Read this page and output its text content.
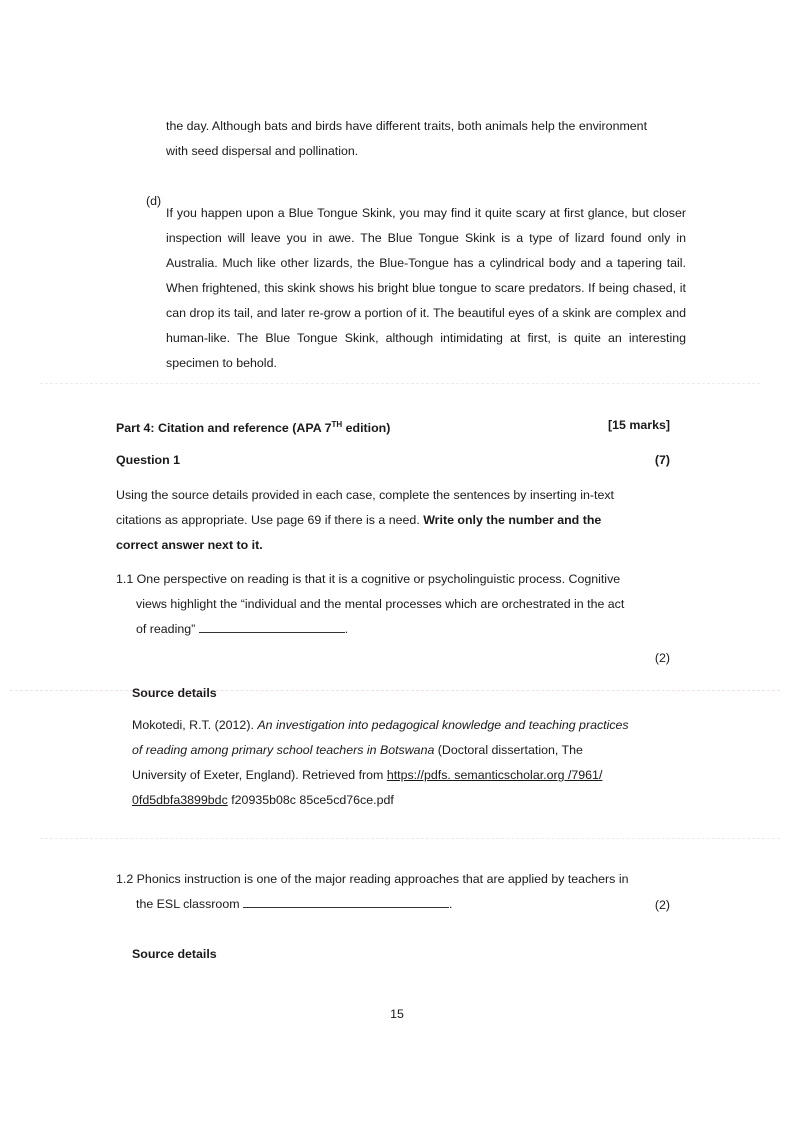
the day. Although bats and birds have different traits, both animals help the environment

with seed dispersal and pollination.

(d)

If you happen upon a Blue Tongue Skink, you may find it quite scary at first glance, but closer inspection will leave you in awe. The Blue Tongue Skink is a type of lizard found only in Australia. Much like other lizards, the Blue-Tongue has a cylindrical body and a tapering tail. When frightened, this skink shows his bright blue tongue to scare predators. If being chased, it can drop its tail, and later re-grow a portion of it. The beautiful eyes of a skink are complex and human-like. The Blue Tongue Skink, although intimidating at first, is quite an interesting specimen to behold.

Part 4: Citation and reference (APA 7TH edition)	[15 marks]
Question 1	(7)

Using the source details provided in each case, complete the sentences by inserting in-text citations as appropriate. Use page 69 if there is a need. Write only the number and the correct answer next to it.

1.1 One perspective on reading is that it is a cognitive or psycholinguistic process. Cognitive

views highlight the “individual and the mental processes which are orchestrated in the act

of reading”	.

(2)
Source details

Mokotedi, R.T. (2012). An investigation into pedagogical knowledge and teaching practices of reading among primary school teachers in Botswana (Doctoral dissertation, The University of Exeter, England). Retrieved from https://pdfs. semanticscholar.org /7961/ 0fd5dbfa3899bdc f20935b08c 85ce5cd76ce.pdf

1.2 Phonics instruction is one of the major reading approaches that are applied by teachers in

the ESL classroom	.	(2)
Source details
15
